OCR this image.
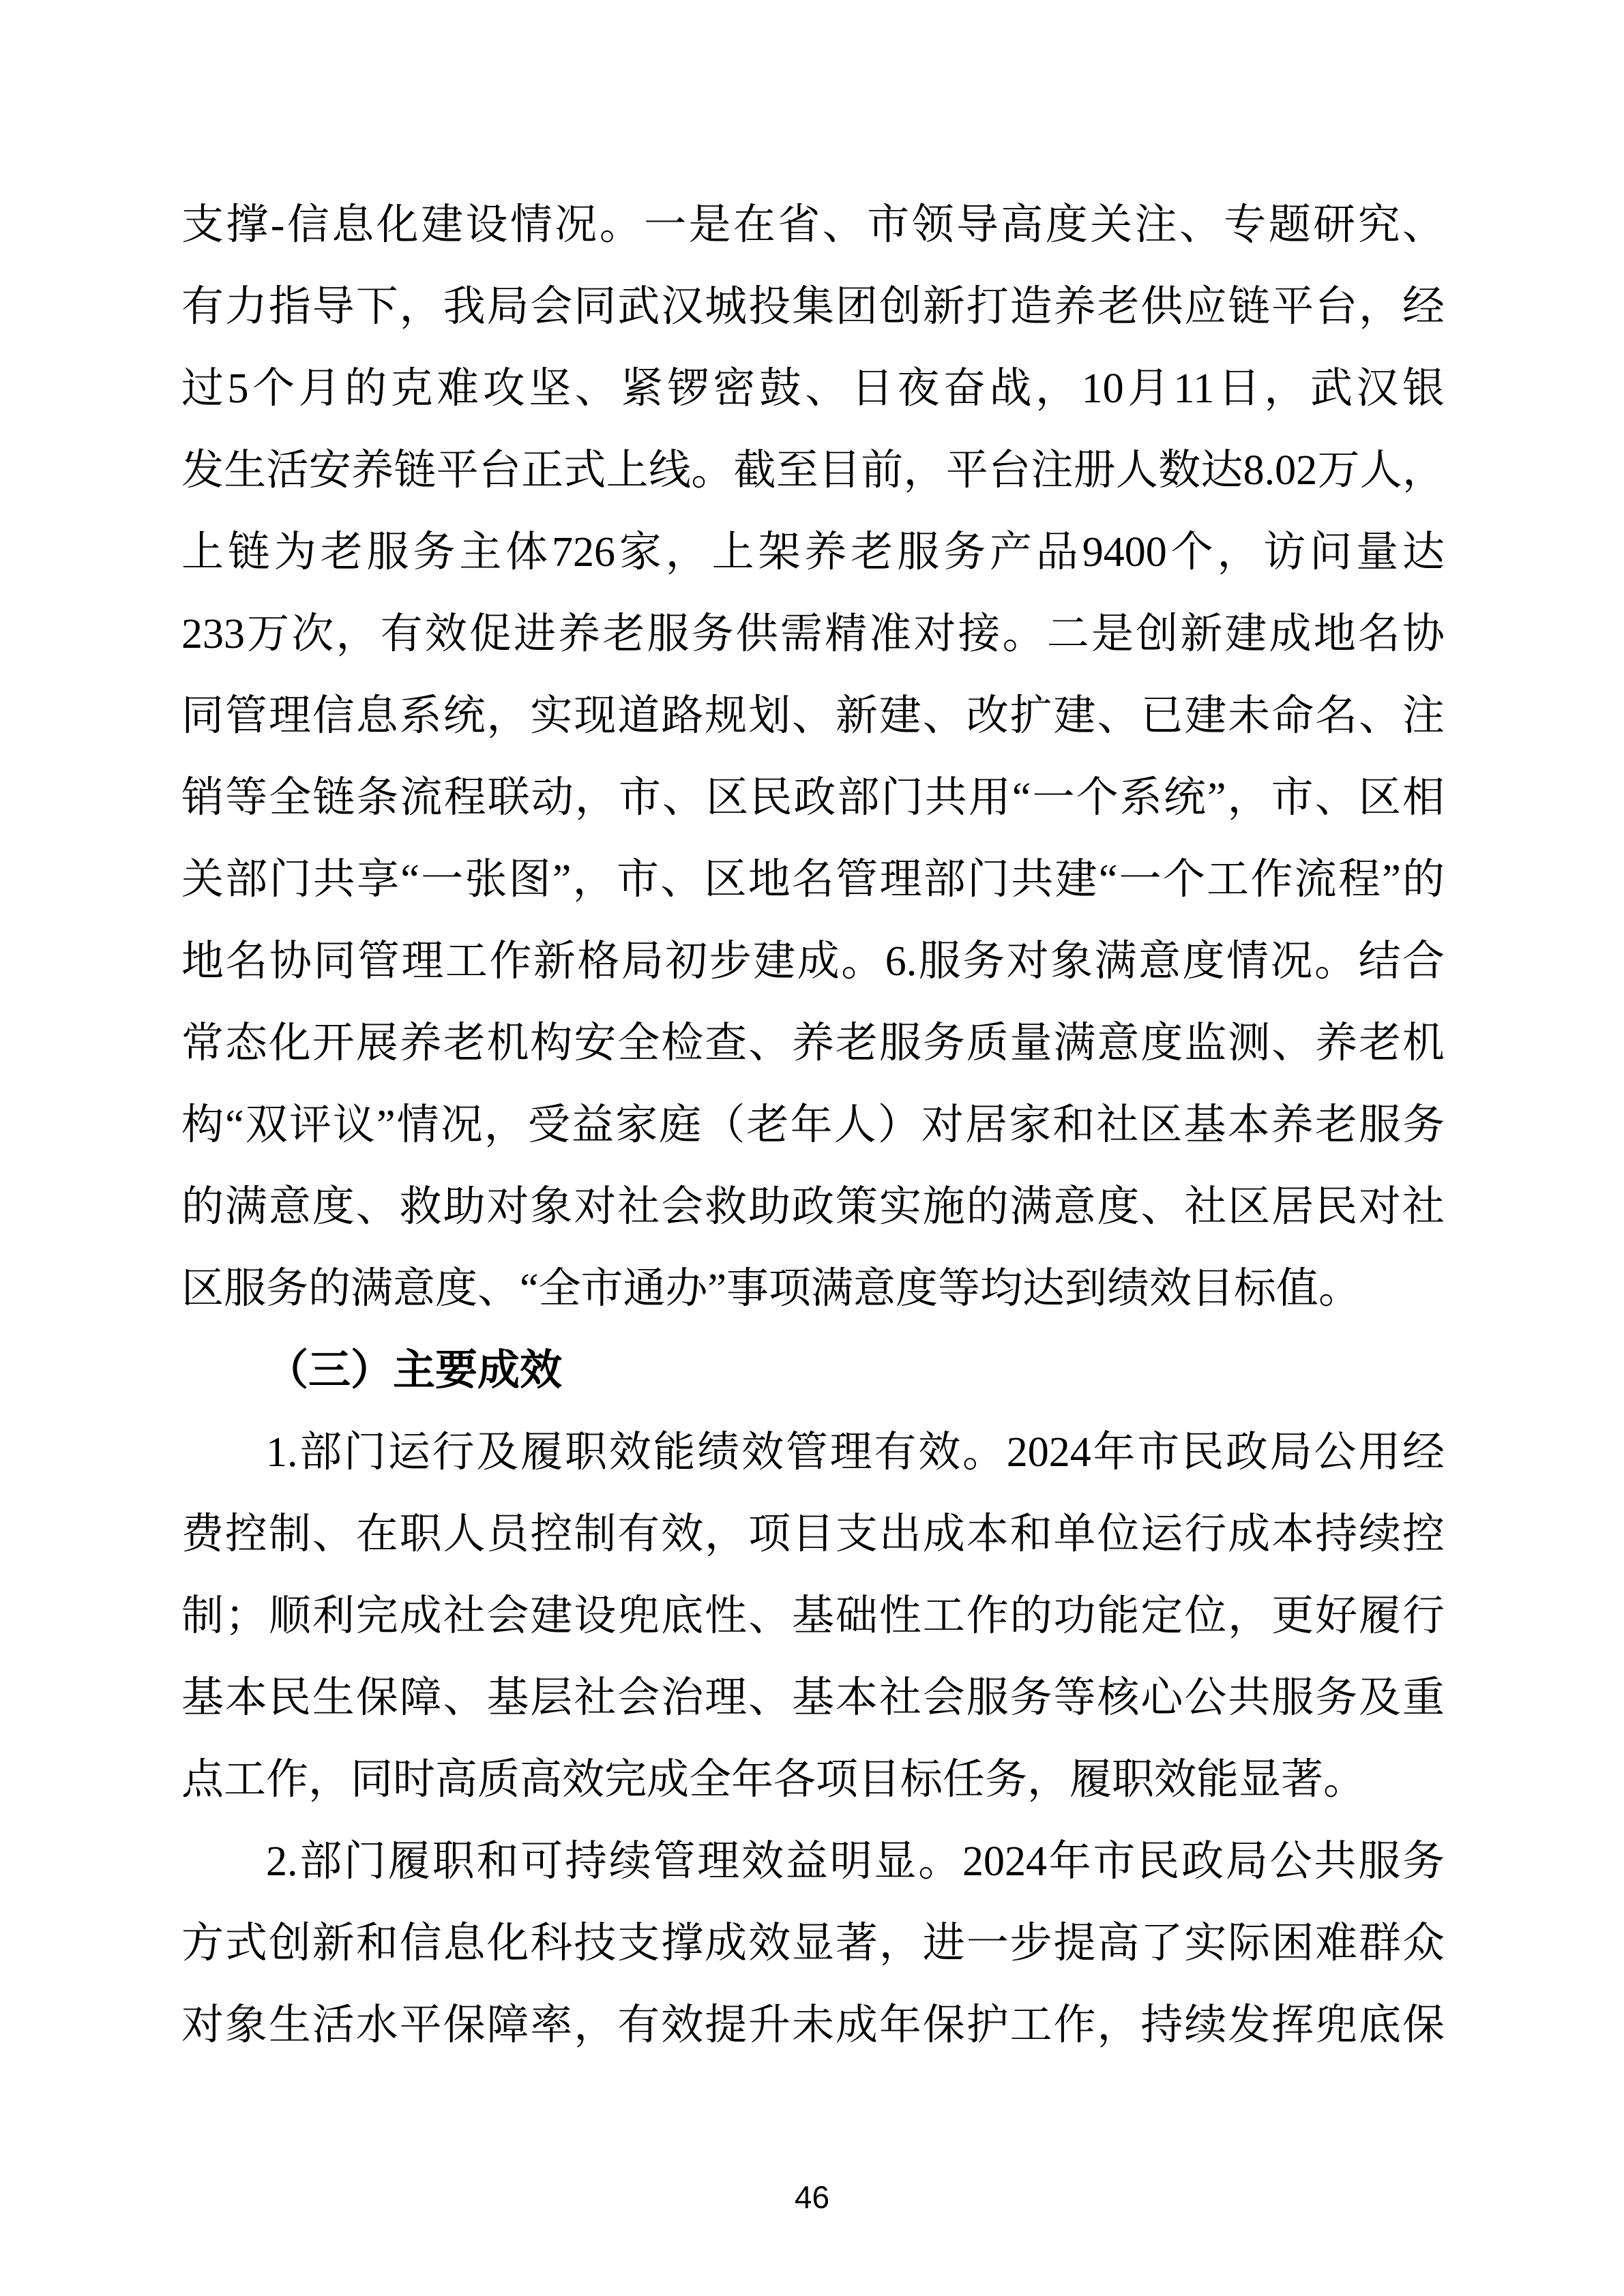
支撑-信息化建设情况。一是在省、市领导高度关注、专题研究、
有力指导下，我局会同武汉城投集团创新打造养老供应链平台，经
过5个月的克难攻坚、紧锣密鼓、日夜奋战，10月11日，武汉银
发生活安养链平台正式上线。截至目前，平台注册人数达8.02万人，
上链为老服务主体726家，上架养老服务产品9400个，访问量达
233万次，有效促进养老服务供需精准对接。二是创新建成地名协
同管理信息系统，实现道路规划、新建、改扩建、已建未命名、注
销等全链条流程联动，市、区民政部门共用“一个系统”，市、区相
关部门共享“一张图”，市、区地名管理部门共建“一个工作流程”的
地名协同管理工作新格局初步建成。6.服务对象满意度情况。结合
常态化开展养老机构安全检查、养老服务质量满意度监测、养老机
构“双评议”情况，受益家庭（老年人）对居家和社区基本养老服务
的满意度、救助对象对社会救助政策实施的满意度、社区居民对社
区服务的满意度、“全市通办”事项满意度等均达到绩效目标值。
（三）主要成效
1.部门运行及履职效能绩效管理有效。2024年市民政局公用经
费控制、在职人员控制有效，项目支出成本和单位运行成本持续控
制；顺利完成社会建设兜底性、基础性工作的功能定位，更好履行
基本民生保障、基层社会治理、基本社会服务等核心公共服务及重
点工作，同时高质高效完成全年各项目标任务，履职效能显著。
2.部门履职和可持续管理效益明显。2024年市民政局公共服务
方式创新和信息化科技支撑成效显著，进一步提高了实际困难群众
对象生活水平保障率，有效提升未成年保护工作，持续发挥兜底保
46
